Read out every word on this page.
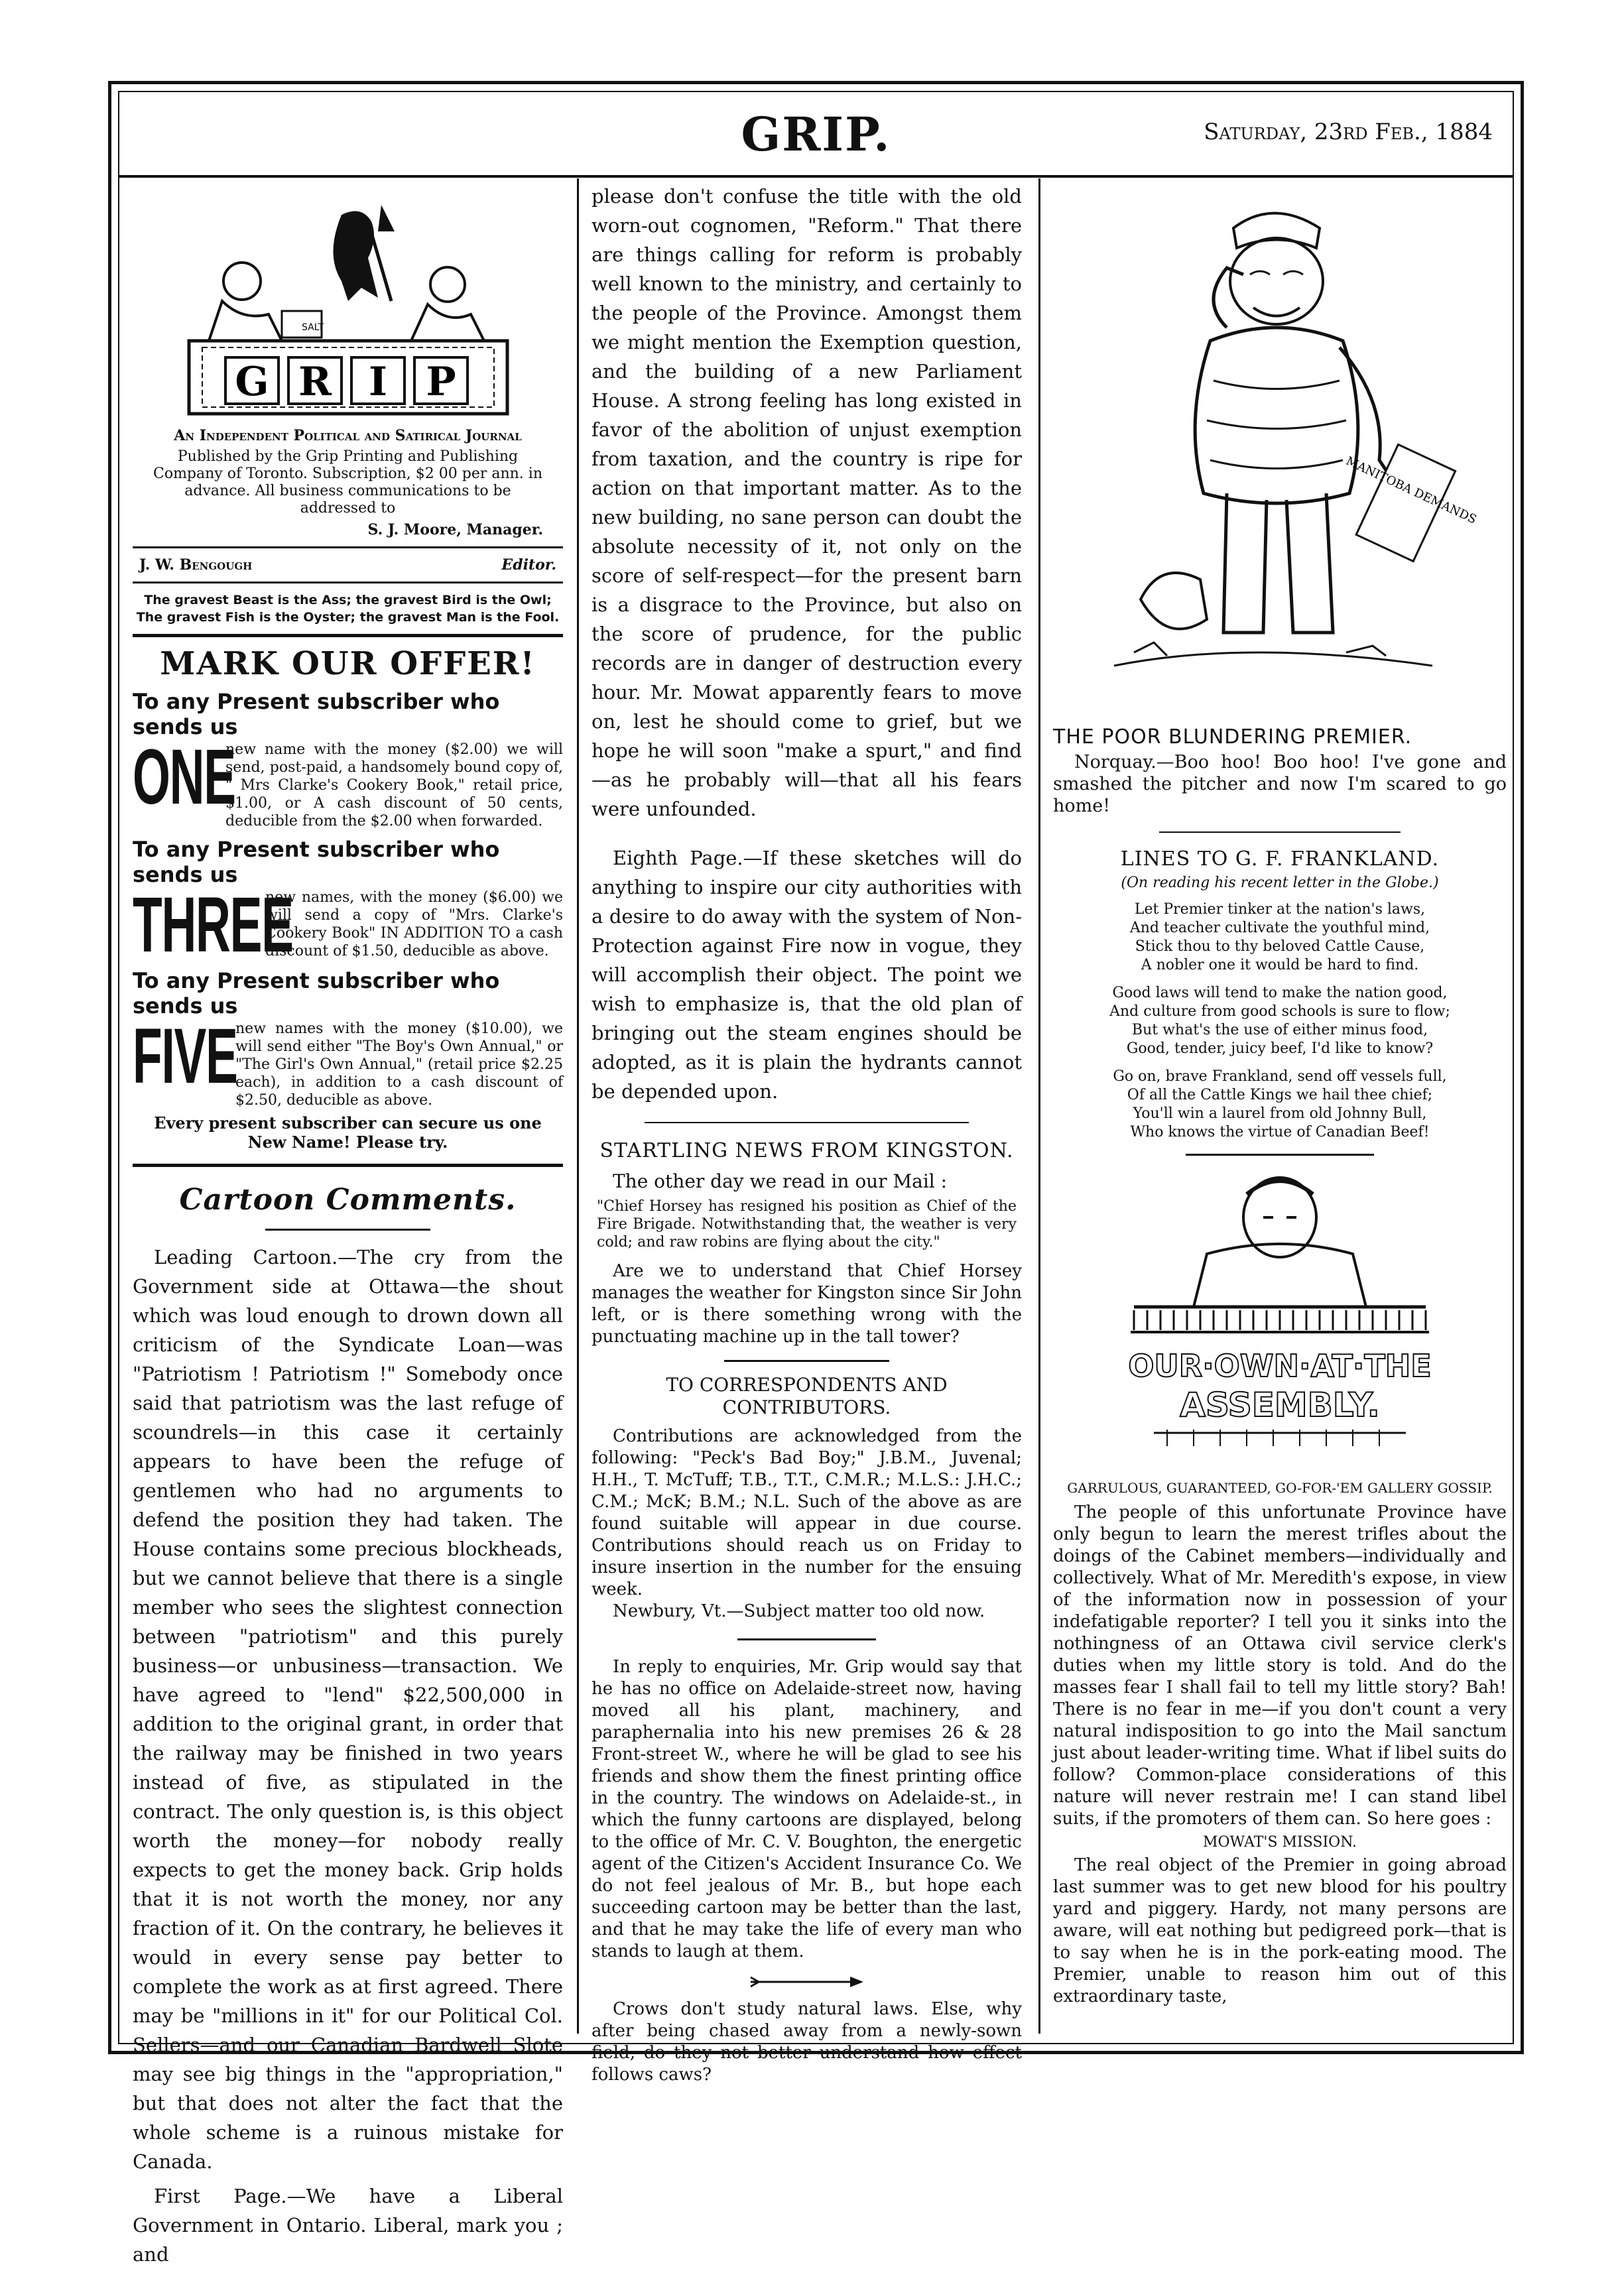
GRIP.	Saturday, 23rd Feb., 1884
SALT
G R I P

An Independent Political and Satirical Journal

Published by the Grip Printing and Publishing Company of Toronto. Subscription, $2 00 per ann. in advance. All business communications to be addressed to

S. J. Moore, Manager.

J. W. Bengough	Editor.

The gravest Beast is the Ass; the gravest Bird is the Owl;

The gravest Fish is the Oyster; the gravest Man is the Fool.

MARK OUR OFFER!
To any Present subscriber who sends us
ONE

new name with the money ($2.00) we will send, post-paid, a handsomely bound copy of, " Mrs Clarke's Cookery Book," retail price, $1.00, or A cash discount of 50 cents, deducible from the $2.00 when forwarded.

To any Present subscriber who sends us
THREE

new names, with the money ($6.00) we will send a copy of "Mrs. Clarke's Cookery Book" IN ADDITION TO a cash discount of $1.50, deducible as above.

To any Present subscriber who sends us
FIVE

new names with the money ($10.00), we will send either "The Boy's Own Annual," or "The Girl's Own Annual," (retail price $2.25 each), in addition to a cash discount of $2.50, deducible as above.

Every present subscriber can secure us one

New Name! Please try.

Cartoon Comments.

Leading Cartoon.—The cry from the Government side at Ottawa—the shout which was loud enough to drown down all criticism of the Syndicate Loan—was "Patriotism ! Patriotism !" Somebody once said that patriotism was the last refuge of scoundrels—in this case it certainly appears to have been the refuge of gentlemen who had no arguments to defend the position they had taken. The House contains some precious blockheads, but we cannot believe that there is a single member who sees the slightest connection between "patriotism" and this purely business—or unbusiness—transaction. We have agreed to "lend" $22,500,000 in addition to the original grant, in order that the railway may be finished in two years instead of five, as stipulated in the contract. The only question is, is this object worth the money—for nobody really expects to get the money back. Grip holds that it is not worth the money, nor any fraction of it. On the contrary, he believes it would in every sense pay better to complete the work as at first agreed. There may be "millions in it" for our Political Col. Sellers—and our Canadian Bardwell Slote may see big things in the "appropriation," but that does not alter the fact that the whole scheme is a ruinous mistake for Canada.

First Page.—We have a Liberal Government in Ontario. Liberal, mark you ; and

please don't confuse the title with the old worn-out cognomen, "Reform." That there are things calling for reform is probably well known to the ministry, and certainly to the people of the Province. Amongst them we might mention the Exemption question, and the building of a new Parliament House. A strong feeling has long existed in favor of the abolition of unjust exemption from taxation, and the country is ripe for action on that important matter. As to the new building, no sane person can doubt the absolute necessity of it, not only on the score of self-respect—for the present barn is a disgrace to the Province, but also on the score of prudence, for the public records are in danger of destruction every hour. Mr. Mowat apparently fears to move on, lest he should come to grief, but we hope he will soon "make a spurt," and find—as he probably will—that all his fears were unfounded.

Eighth Page.—If these sketches will do anything to inspire our city authorities with a desire to do away with the system of Non-Protection against Fire now in vogue, they will accomplish their object. The point we wish to emphasize is, that the old plan of bringing out the steam engines should be adopted, as it is plain the hydrants cannot be depended upon.

STARTLING NEWS FROM KINGSTON.

The other day we read in our Mail :

"Chief Horsey has resigned his position as Chief of the Fire Brigade. Notwithstanding that, the weather is very cold; and raw robins are flying about the city."

Are we to understand that Chief Horsey manages the weather for Kingston since Sir John left, or is there something wrong with the punctuating machine up in the tall tower?

TO CORRESPONDENTS AND CONTRIBUTORS.

Contributions are acknowledged from the following: "Peck's Bad Boy;" J.B.M., Juvenal; H.H., T. McTuff; T.B., T.T., C.M.R.; M.L.S.: J.H.C.; C.M.; McK; B.M.; N.L. Such of the above as are found suitable will appear in due course. Contributions should reach us on Friday to insure insertion in the number for the ensuing week.

Newbury, Vt.—Subject matter too old now.

In reply to enquiries, Mr. Grip would say that he has no office on Adelaide-street now, having moved all his plant, machinery, and paraphernalia into his new premises 26 & 28 Front-street W., where he will be glad to see his friends and show them the finest printing office in the country. The windows on Adelaide-st., in which the funny cartoons are displayed, belong to the office of Mr. C. V. Boughton, the energetic agent of the Citizen's Accident Insurance Co. We do not feel jealous of Mr. B., but hope each succeeding cartoon may be better than the last, and that he may take the life of every man who stands to laugh at them.

Crows don't study natural laws. Else, why after being chased away from a newly-sown field, do they not better understand how effect follows caws?

MANITOBA DEMANDS
THE POOR BLUNDERING PREMIER.

Norquay.—Boo hoo! Boo hoo! I've gone and smashed the pitcher and now I'm scared to go home!

LINES TO G. F. FRANKLAND.

(On reading his recent letter in the Globe.)

Let Premier tinker at the nation's laws,

And teacher cultivate the youthful mind,

Stick thou to thy beloved Cattle Cause,

A nobler one it would be hard to find.

Good laws will tend to make the nation good,

And culture from good schools is sure to flow;

But what's the use of either minus food,

Good, tender, juicy beef, I'd like to know?

Go on, brave Frankland, send off vessels full,

Of all the Cattle Kings we hail thee chief;

You'll win a laurel from old Johnny Bull,

Who knows the virtue of Canadian Beef!

OUR·OWN·AT·THE
ASSEMBLY.

GARRULOUS, GUARANTEED, GO-FOR-'EM GALLERY GOSSIP.

The people of this unfortunate Province have only begun to learn the merest trifles about the doings of the Cabinet members—individually and collectively. What of Mr. Meredith's expose, in view of the information now in possession of your indefatigable reporter? I tell you it sinks into the nothingness of an Ottawa civil service clerk's duties when my little story is told. And do the masses fear I shall fail to tell my little story? Bah! There is no fear in me—if you don't count a very natural indisposition to go into the Mail sanctum just about leader-writing time. What if libel suits do follow? Common-place considerations of this nature will never restrain me! I can stand libel suits, if the promoters of them can. So here goes :

MOWAT'S MISSION.

The real object of the Premier in going abroad last summer was to get new blood for his poultry yard and piggery. Hardy, not many persons are aware, will eat nothing but pedigreed pork—that is to say when he is in the pork-eating mood. The Premier, unable to reason him out of this extraordinary taste,
